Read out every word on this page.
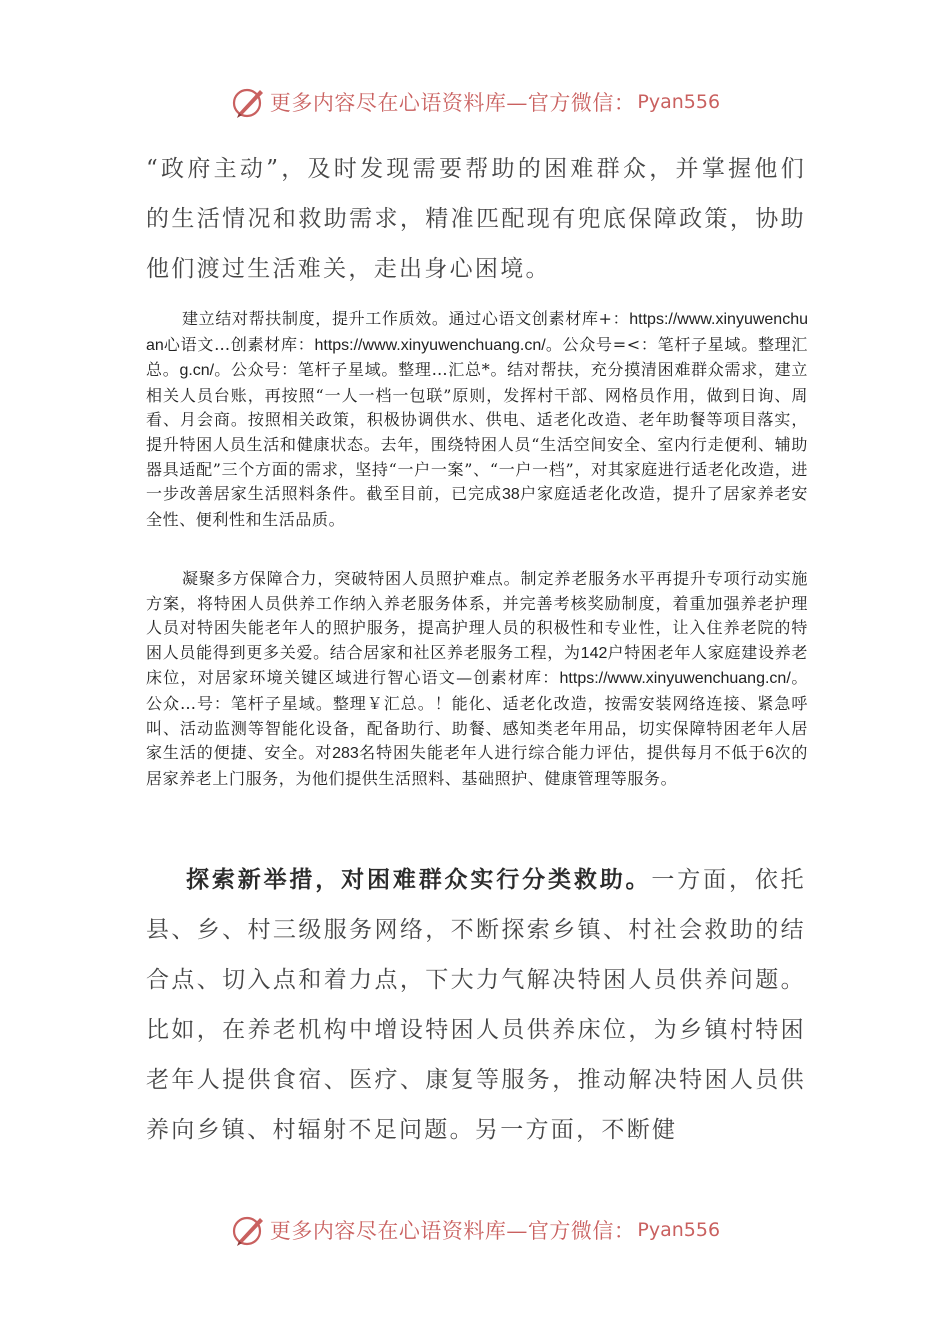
更多内容尽在心语资料库—官方微信： Pyan556

“政府主动”，及时发现需要帮助的困难群众，并掌握他们的生活情况和救助需求，精准匹配现有兜底保障政策，协助他们渡过生活难关，走出身心困境。

建立结对帮扶制度，提升工作质效。通过心语文创素材库+：https://www.xinyuwenchuan心语文…创素材库：https://www.xinyuwenchuang.cn/。公众号=<：笔杆子星域。整理汇总。g.cn/。公众号：笔杆子星域。整理…汇总*。结对帮扶，充分摸清困难群众需求，建立相关人员台账，再按照“一人一档一包联”原则，发挥村干部、网格员作用，做到日询、周看、月会商。按照相关政策，积极协调供水、供电、适老化改造、老年助餐等项目落实，提升特困人员生活和健康状态。去年，围绕特困人员“生活空间安全、室内行走便利、辅助器具适配”三个方面的需求，坚持“一户一案”、“一户一档”，对其家庭进行适老化改造，进一步改善居家生活照料条件。截至目前，已完成38户家庭适老化改造，提升了居家养老安全性、便利性和生活品质。

凝聚多方保障合力，突破特困人员照护难点。制定养老服务水平再提升专项行动实施方案，将特困人员供养工作纳入养老服务体系，并完善考核奖励制度，着重加强养老护理人员对特困失能老年人的照护服务，提高护理人员的积极性和专业性，让入住养老院的特困人员能得到更多关爱。结合居家和社区养老服务工程，为142户特困老年人家庭建设养老床位，对居家环境关键区域进行智心语文—创素材库：https://www.xinyuwenchuang.cn/。公众…号：笔杆子星域。整理￥汇总。！能化、适老化改造，按需安装网络连接、紧急呼叫、活动监测等智能化设备，配备助行、助餐、感知类老年用品，切实保障特困老年人居家生活的便捷、安全。对283名特困失能老年人进行综合能力评估，提供每月不低于6次的居家养老上门服务，为他们提供生活照料、基础照护、健康管理等服务。

探索新举措，对困难群众实行分类救助。一方面，依托县、乡、村三级服务网络，不断探索乡镇、村社会救助的结合点、切入点和着力点，下大力气解决特困人员供养问题。比如，在养老机构中增设特困人员供养床位，为乡镇村特困老年人提供食宿、医疗、康复等服务，推动解决特困人员供养向乡镇、村辐射不足问题。另一方面，不断健

更多内容尽在心语资料库—官方微信： Pyan556
